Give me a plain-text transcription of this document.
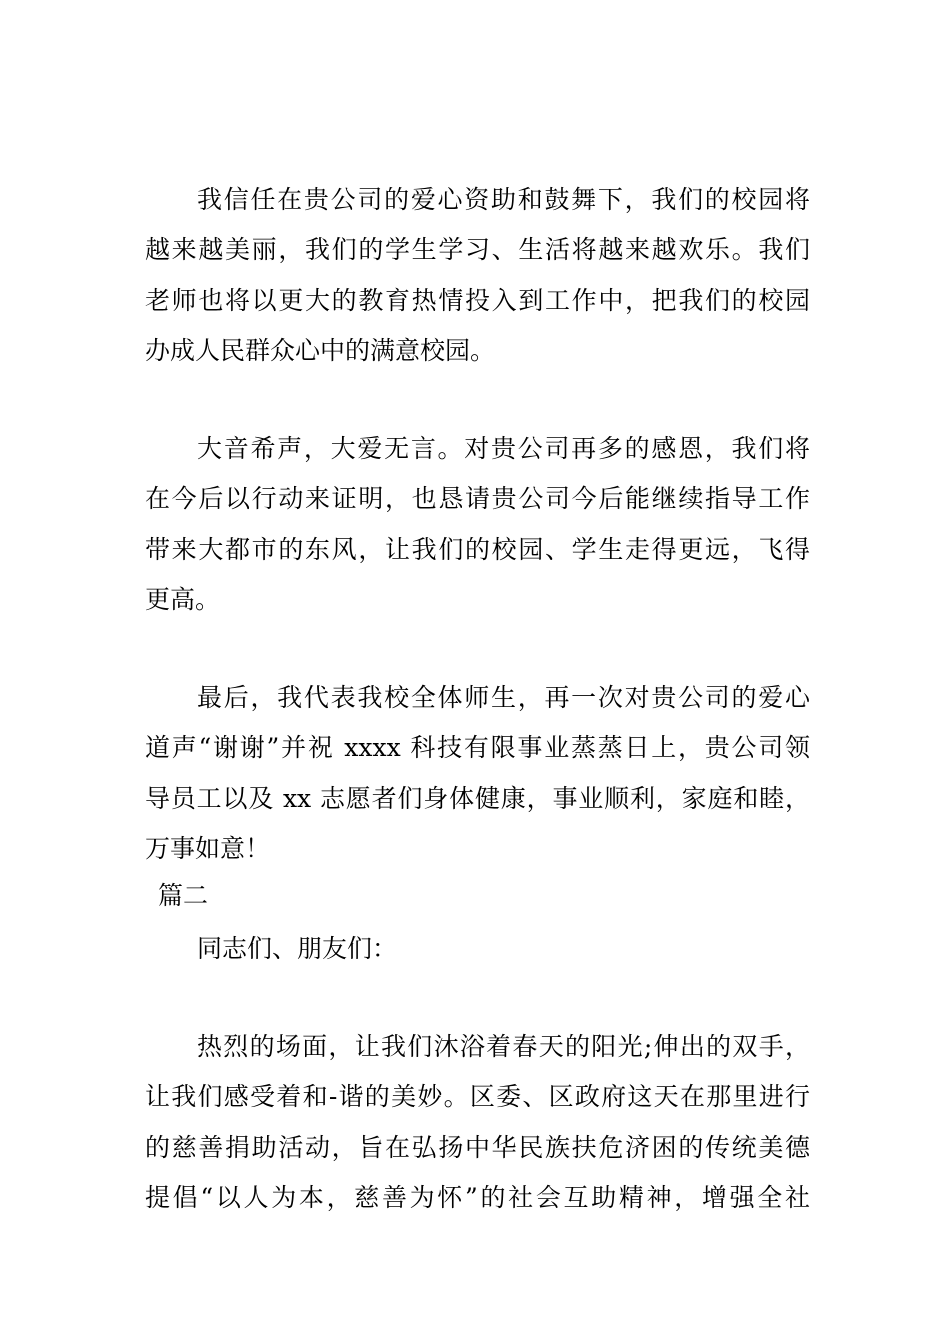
我信任在贵公司的爱心资助和鼓舞下，我们的校园将
越来越美丽，我们的学生学习、生活将越来越欢乐。我们
老师也将以更大的教育热情投入到工作中，把我们的校园
办成人民群众心中的满意校园。
大音希声，大爱无言。对贵公司再多的感恩，我们将
在今后以行动来证明，也恳请贵公司今后能继续指导工作
带来大都市的东风，让我们的校园、学生走得更远，飞得
更高。
最后，我代表我校全体师生，再一次对贵公司的爱心
道声“谢谢”并祝 xxxx 科技有限事业蒸蒸日上，贵公司领
导员工以及 xx 志愿者们身体健康，事业顺利，家庭和睦，
万事如意！
篇二
同志们、朋友们：
热烈的场面，让我们沐浴着春天的阳光;伸出的双手，
让我们感受着和-谐的美妙。区委、区政府这天在那里进行
的慈善捐助活动，旨在弘扬中华民族扶危济困的传统美德
提倡“以人为本，慈善为怀”的社会互助精神，增强全社
